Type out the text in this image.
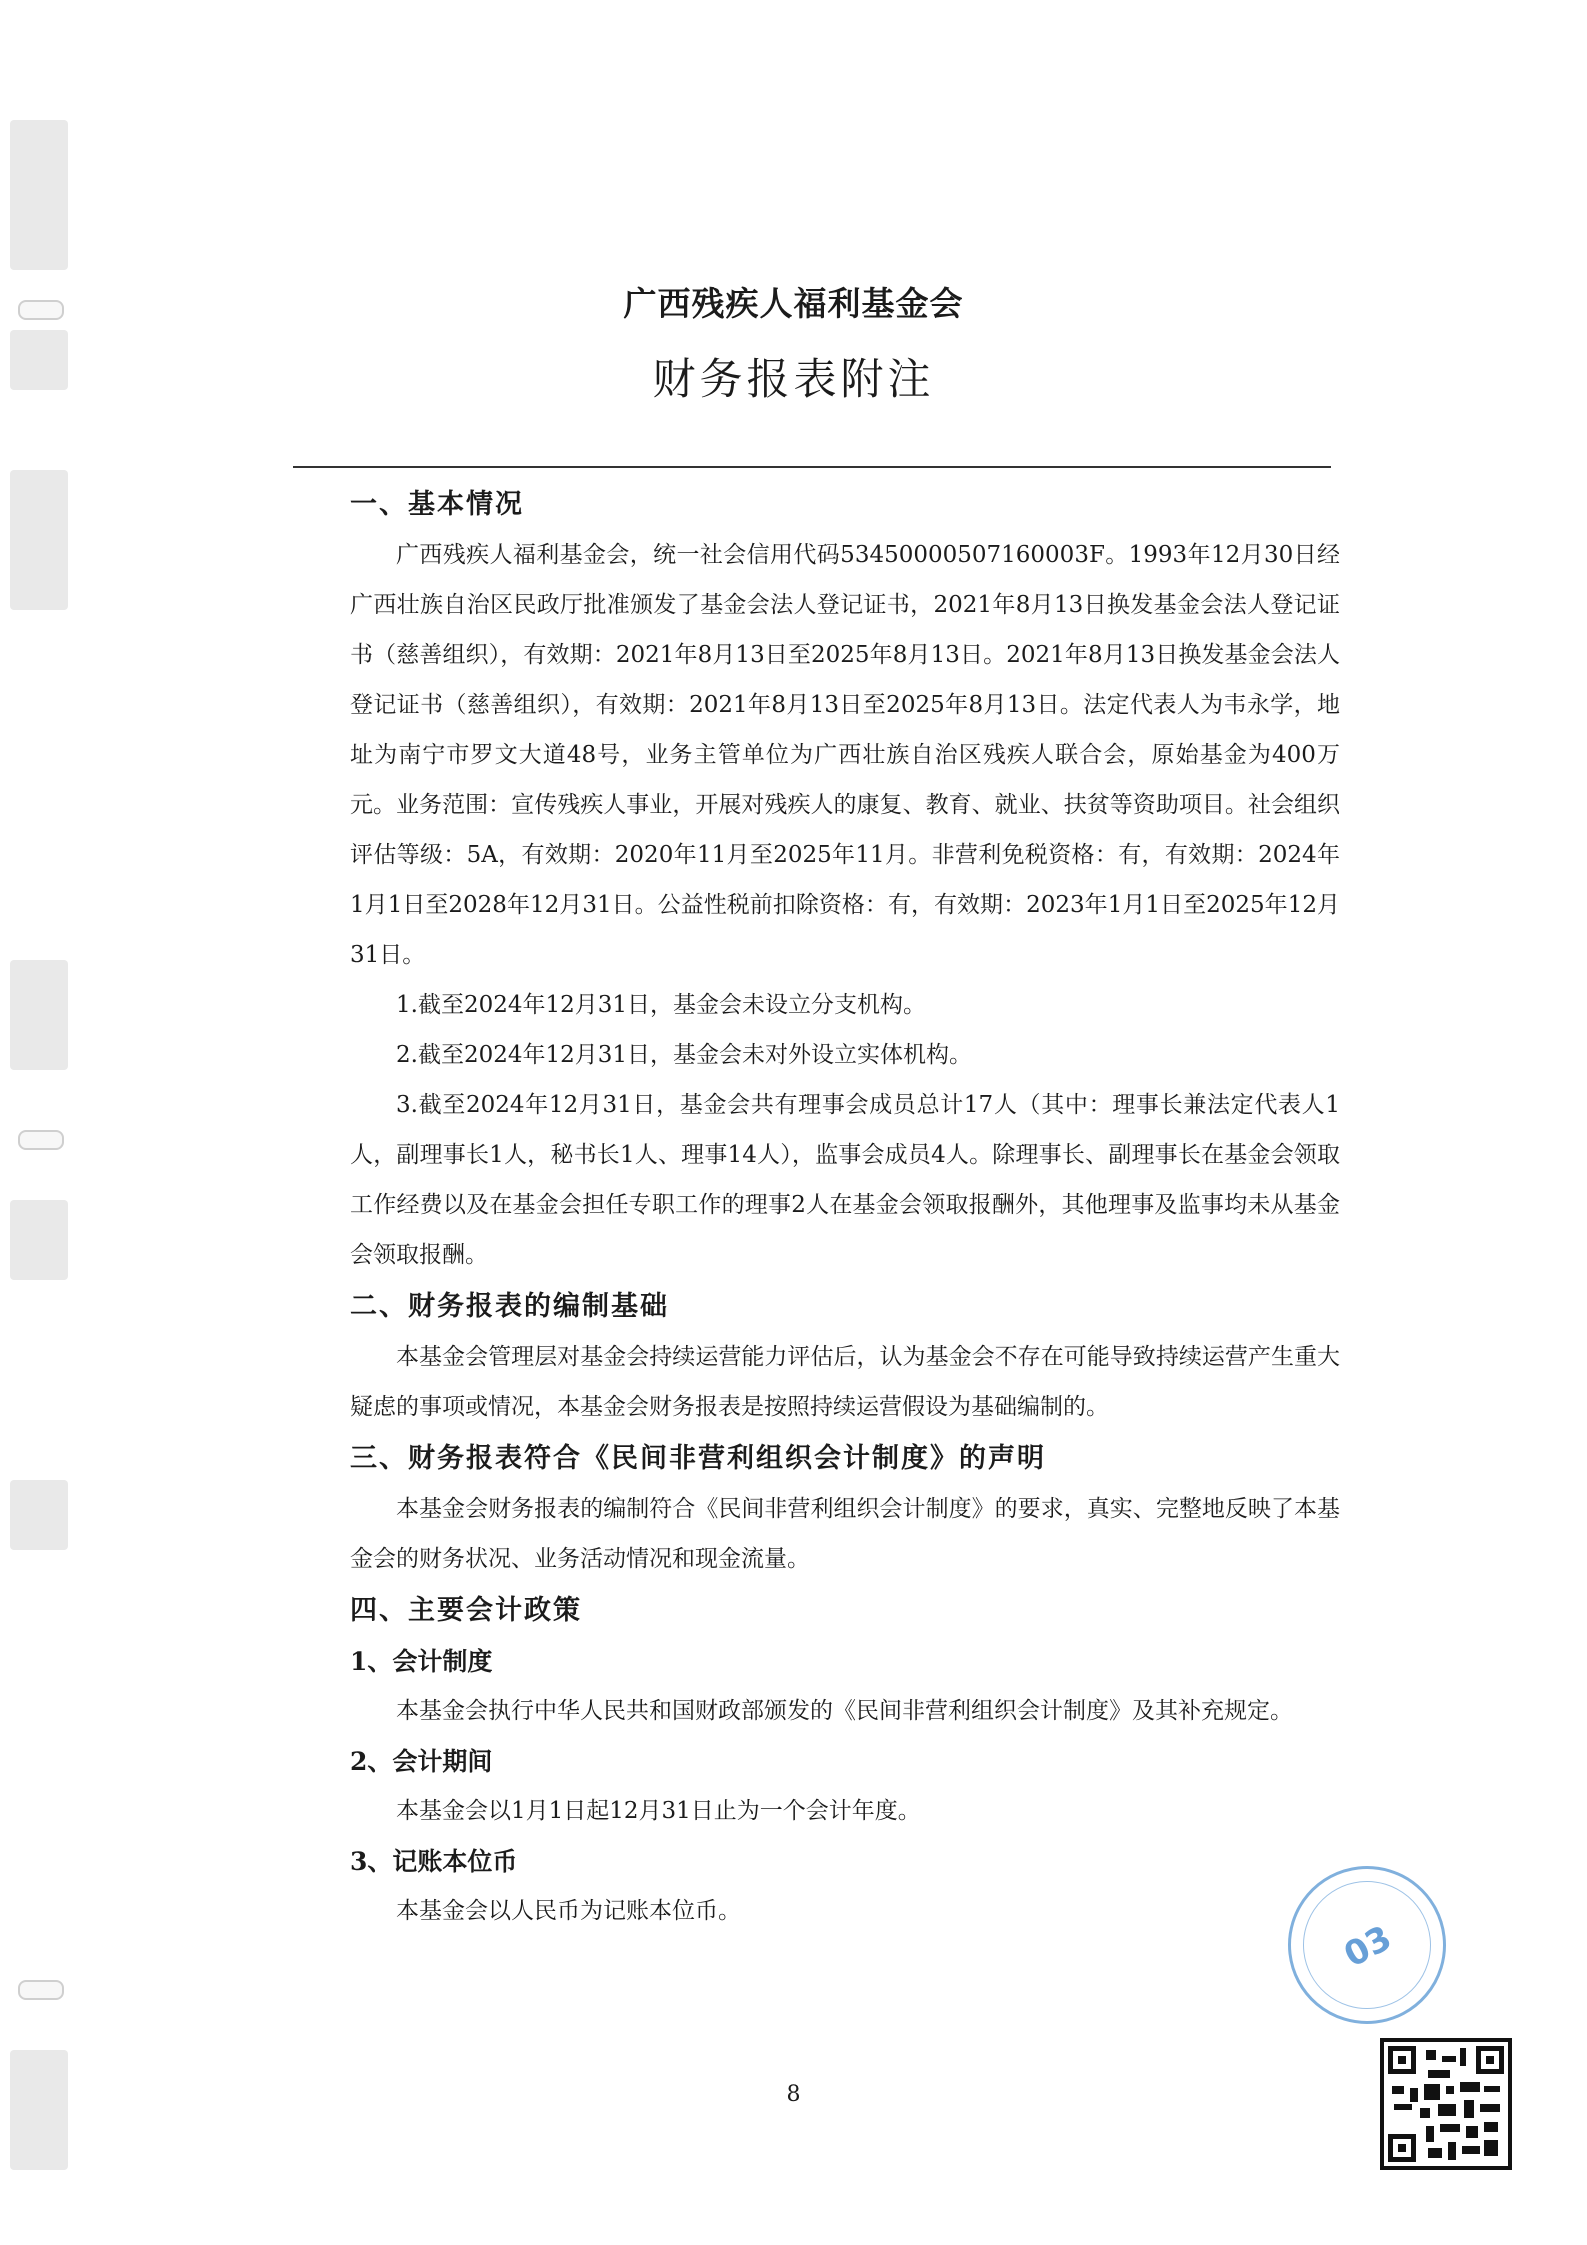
广西残疾人福利基金会
财务报表附注

一、基本情况

广西残疾人福利基金会，统一社会信用代码53450000507160003F。1993年12月30日经广西壮族自治区民政厅批准颁发了基金会法人登记证书，2021年8月13日换发基金会法人登记证书（慈善组织），有效期：2021年8月13日至2025年8月13日。2021年8月13日换发基金会法人登记证书（慈善组织），有效期：2021年8月13日至2025年8月13日。法定代表人为韦永学，地址为南宁市罗文大道48号，业务主管单位为广西壮族自治区残疾人联合会，原始基金为400万元。业务范围：宣传残疾人事业，开展对残疾人的康复、教育、就业、扶贫等资助项目。社会组织评估等级：5A，有效期：2020年11月至2025年11月。非营利免税资格：有，有效期：2024年1月1日至2028年12月31日。公益性税前扣除资格：有，有效期：2023年1月1日至2025年12月31日。

1.截至2024年12月31日，基金会未设立分支机构。

2.截至2024年12月31日，基金会未对外设立实体机构。

3.截至2024年12月31日，基金会共有理事会成员总计17人（其中：理事长兼法定代表人1人，副理事长1人，秘书长1人、理事14人），监事会成员4人。除理事长、副理事长在基金会领取工作经费以及在基金会担任专职工作的理事2人在基金会领取报酬外，其他理事及监事均未从基金会领取报酬。

二、财务报表的编制基础

本基金会管理层对基金会持续运营能力评估后，认为基金会不存在可能导致持续运营产生重大疑虑的事项或情况，本基金会财务报表是按照持续运营假设为基础编制的。

三、财务报表符合《民间非营利组织会计制度》的声明

本基金会财务报表的编制符合《民间非营利组织会计制度》的要求，真实、完整地反映了本基金会的财务状况、业务活动情况和现金流量。

四、主要会计政策

1、会计制度

本基金会执行中华人民共和国财政部颁发的《民间非营利组织会计制度》及其补充规定。

2、会计期间

本基金会以1月1日起12月31日止为一个会计年度。

3、记账本位币

本基金会以人民币为记账本位币。

03
8
